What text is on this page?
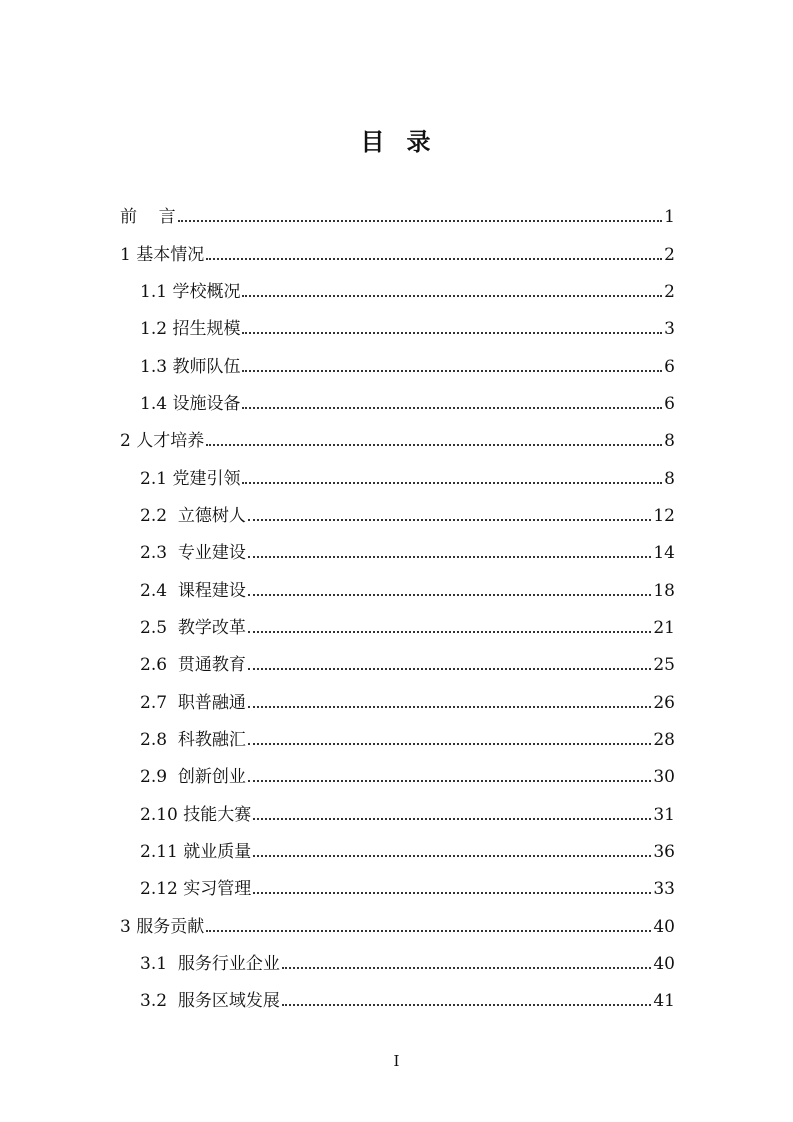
目 录
前    言	1
1 基本情况	2
1.1 学校概况	2
1.2 招生规模	3
1.3 教师队伍	6
1.4 设施设备	6
2 人才培养	8
2.1 党建引领	8
2.2  立德树人	12
2.3  专业建设	14
2.4  课程建设	18
2.5  教学改革	21
2.6  贯通教育	25
2.7  职普融通	26
2.8  科教融汇	28
2.9  创新创业	30
2.10 技能大赛	31
2.11 就业质量	36
2.12 实习管理	33
3 服务贡献	40
3.1  服务行业企业	40
3.2  服务区域发展	41
I
